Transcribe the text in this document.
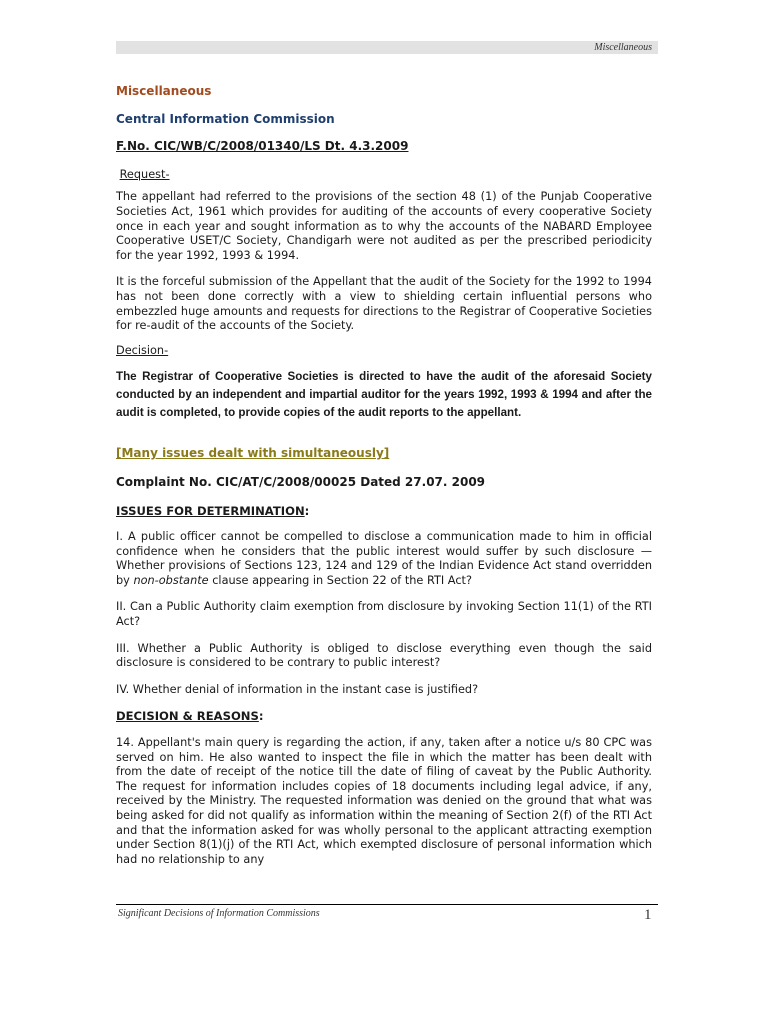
Miscellaneous

Miscellaneous

Central Information Commission

F.No. CIC/WB/C/2008/01340/LS Dt. 4.3.2009

Request-

The appellant had referred to the provisions of the section 48 (1) of the Punjab Cooperative Societies Act, 1961 which provides for auditing of the accounts of every cooperative Society once in each year and sought information as to why the accounts of the NABARD Employee Cooperative USET/C Society, Chandigarh were not audited as per the prescribed periodicity for the year 1992, 1993 & 1994.

It is the forceful submission of the Appellant that the audit of the Society for the 1992 to 1994 has not been done correctly with a view to shielding certain influential persons who embezzled huge amounts and requests for directions to the Registrar of Cooperative Societies for re-audit of the accounts of the Society.

Decision-

The Registrar of Cooperative Societies is directed to have the audit of the aforesaid Society conducted by an independent and impartial auditor for the years 1992, 1993 & 1994 and after the audit is completed, to provide copies of the audit reports to the appellant.

[Many issues dealt with simultaneously]

Complaint No. CIC/AT/C/2008/00025 Dated 27.07. 2009

ISSUES FOR DETERMINATION:

I. A public officer cannot be compelled to disclose a communication made to him in official confidence when he considers that the public interest would suffer by such disclosure — Whether provisions of Sections 123, 124 and 129 of the Indian Evidence Act stand overridden by non-obstante clause appearing in Section 22 of the RTI Act?

II. Can a Public Authority claim exemption from disclosure by invoking Section 11(1) of the RTI Act?

III. Whether a Public Authority is obliged to disclose everything even though the said disclosure is considered to be contrary to public interest?

IV. Whether denial of information in the instant case is justified?

DECISION & REASONS:

14. Appellant's main query is regarding the action, if any, taken after a notice u/s 80 CPC was served on him. He also wanted to inspect the file in which the matter has been dealt with from the date of receipt of the notice till the date of filing of caveat by the Public Authority. The request for information includes copies of 18 documents including legal advice, if any, received by the Ministry. The requested information was denied on the ground that what was being asked for did not qualify as information within the meaning of Section 2(f) of the RTI Act and that the information asked for was wholly personal to the applicant attracting exemption under Section 8(1)(j) of the RTI Act, which exempted disclosure of personal information which had no relationship to any

Significant Decisions of Information Commissions	1
